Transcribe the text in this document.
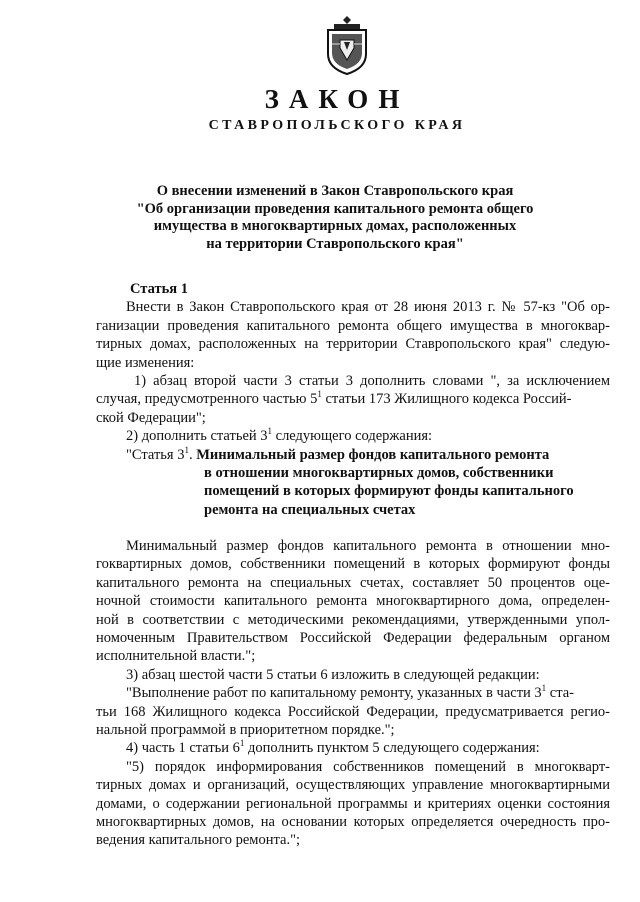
ЗАКОН
СТАВРОПОЛЬСКОГО КРАЯ
О внесении изменений в Закон Ставропольского края
"Об организации проведения капитального ремонта общего
имущества в многоквартирных домах, расположенных
на территории Ставропольского края"
Статья 1
Внести в Закон Ставропольского края от 28 июня 2013 г. № 57-кз "Об ор-
ганизации проведения капитального ремонта общего имущества в многоквар-
тирных домах, расположенных на территории Ставропольского края" следую-
щие изменения:
1) абзац второй части 3 статьи 3 дополнить словами ", за исключением
случая, предусмотренного частью $5^1$ статьи 173 Жилищного кодекса Россий-
ской Федерации";
2) дополнить статьей $3^1$ следующего содержания:
"Статья $3^1$. Минимальный размер фондов капитального ремонта
в отношении многоквартирных домов, собственники
помещений в которых формируют фонды капитального
ремонта на специальных счетах
Минимальный размер фондов капитального ремонта в отношении мно-
гоквартирных домов, собственники помещений в которых формируют фонды
капитального ремонта на специальных счетах, составляет 50 процентов оце-
ночной стоимости капитального ремонта многоквартирного дома, определен-
ной в соответствии с методическими рекомендациями, утвержденными упол-
номоченным Правительством Российской Федерации федеральным органом
исполнительной власти.";
3) абзац шестой части 5 статьи 6 изложить в следующей редакции:
"Выполнение работ по капитальному ремонту, указанных в части $3^1$ ста-
тьи 168 Жилищного кодекса Российской Федерации, предусматривается регио-
нальной программой в приоритетном порядке.";
4) часть 1 статьи $6^1$ дополнить пунктом 5 следующего содержания:
"5) порядок информирования собственников помещений в многокварт-
тирных домах и организаций, осуществляющих управление многоквартирными
домами, о содержании региональной программы и критериях оценки состояния
многоквартирных домов, на основании которых определяется очередность про-
ведения капитального ремонта.";
